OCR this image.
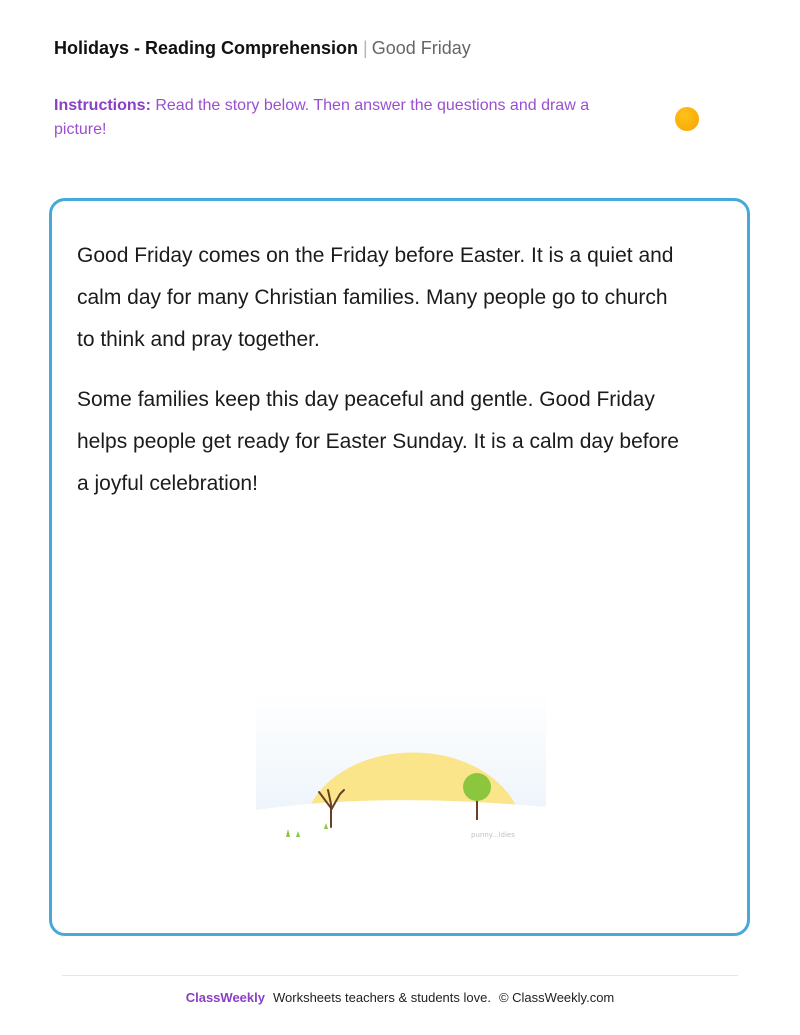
Holidays - Reading Comprehension | Good Friday
Instructions: Read the story below. Then answer the questions and draw a picture!

Good Friday comes on the Friday before Easter. It is a quiet and calm day for many Christian families. Many people go to church to think and pray together.

Some families keep this day peaceful and gentle. Good Friday helps people get ready for Easter Sunday. It is a calm day before a joyful celebration!

punny...ldies
ClassWeekly Worksheets teachers & students love. © ClassWeekly.com
